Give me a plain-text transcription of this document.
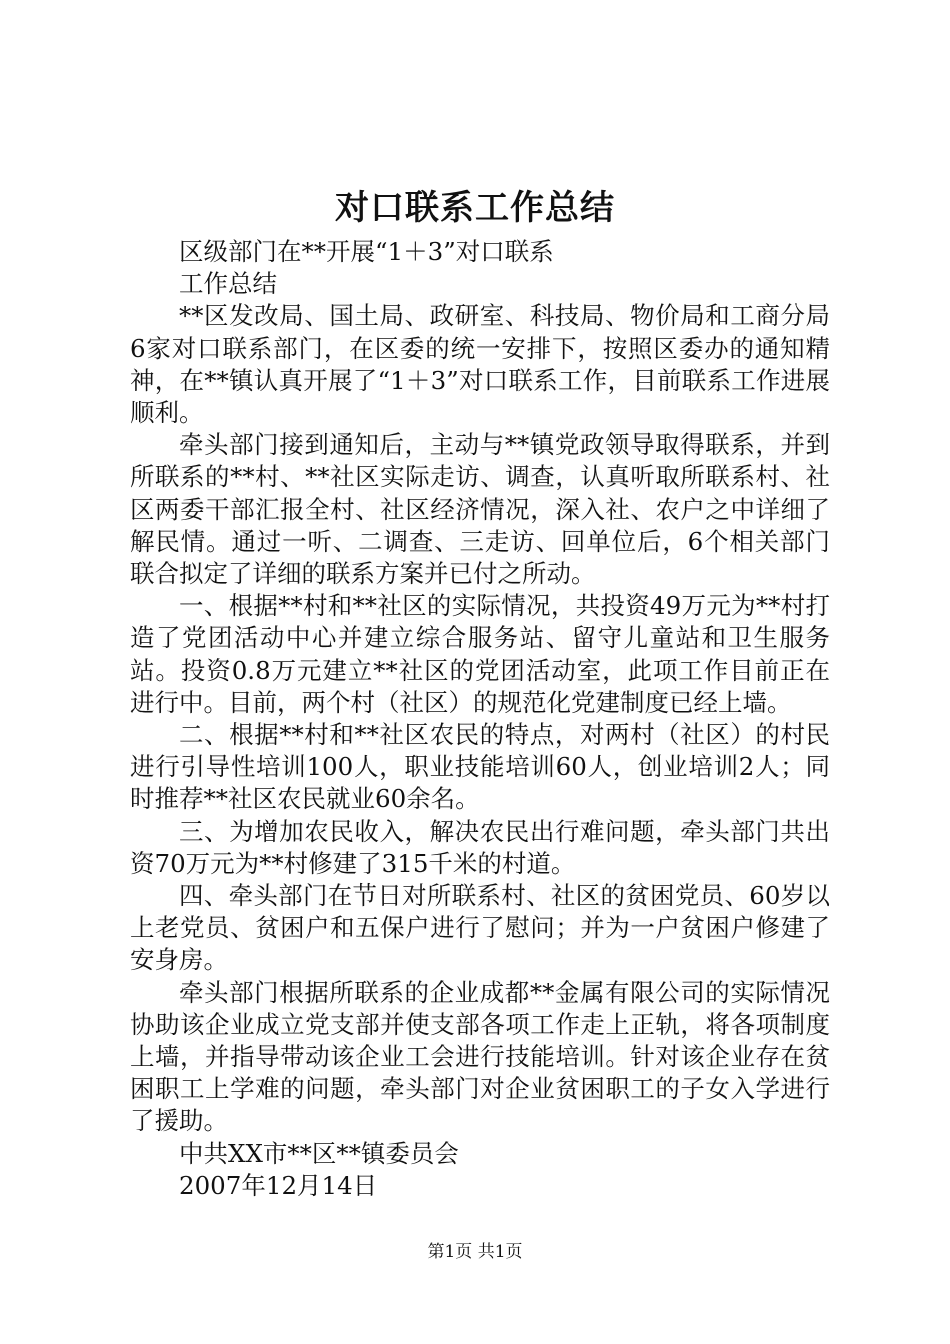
对口联系工作总结

区级部门在**开展“1＋3”对口联系

工作总结

**区发改局、国土局、政研室、科技局、物价局和工商分局6家对口联系部门，在区委的统一安排下，按照区委办的通知精神，在**镇认真开展了“1＋3”对口联系工作，目前联系工作进展顺利。

牵头部门接到通知后，主动与**镇党政领导取得联系，并到所联系的**村、**社区实际走访、调查，认真听取所联系村、社区两委干部汇报全村、社区经济情况，深入社、农户之中详细了解民情。通过一听、二调查、三走访、回单位后，6个相关部门联合拟定了详细的联系方案并已付之所动。

一、根据**村和**社区的实际情况，共投资49万元为**村打造了党团活动中心并建立综合服务站、留守儿童站和卫生服务站。投资0.8万元建立**社区的党团活动室，此项工作目前正在进行中。目前，两个村（社区）的规范化党建制度已经上墙。

二、根据**村和**社区农民的特点，对两村（社区）的村民进行引导性培训100人，职业技能培训60人，创业培训2人；同时推荐**社区农民就业60余名。

三、为增加农民收入，解决农民出行难问题，牵头部门共出资70万元为**村修建了315千米的村道。

四、牵头部门在节日对所联系村、社区的贫困党员、60岁以上老党员、贫困户和五保户进行了慰问；并为一户贫困户修建了安身房。

牵头部门根据所联系的企业成都**金属有限公司的实际情况协助该企业成立党支部并使支部各项工作走上正轨，将各项制度上墙，并指导带动该企业工会进行技能培训。针对该企业存在贫困职工上学难的问题，牵头部门对企业贫困职工的子女入学进行了援助。

中共XX市**区**镇委员会

2007年12月14日

第1页 共1页
